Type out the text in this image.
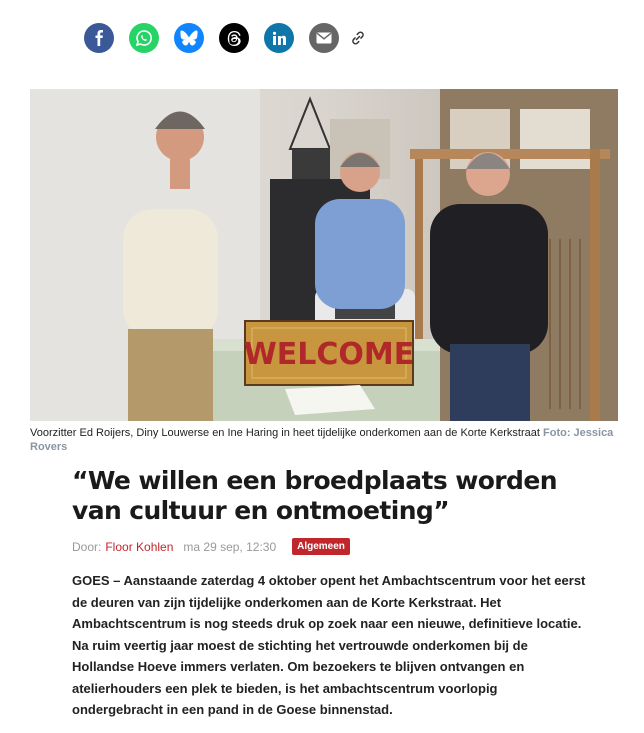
WELCOME
Voorzitter Ed Roijers, Diny Louwerse en Ine Haring in heet tijdelijke onderkomen aan de Korte Kerkstraat Foto: Jessica Rovers
“We willen een broedplaats worden van cultuur en ontmoeting”
Door: Floor Kohlen ma 29 sep, 12:30	Algemeen

GOES – Aanstaande zaterdag 4 oktober opent het Ambachtscentrum voor het eerst de deuren van zijn tijdelijke onderkomen aan de Korte Kerkstraat. Het Ambachtscentrum is nog steeds druk op zoek naar een nieuwe, definitieve locatie. Na ruim veertig jaar moest de stichting het vertrouwde onderkomen bij de Hollandse Hoeve immers verlaten. Om bezoekers te blijven ontvangen en atelierhouders een plek te bieden, is het ambachtscentrum voorlopig ondergebracht in een pand in de Goese binnenstad.
